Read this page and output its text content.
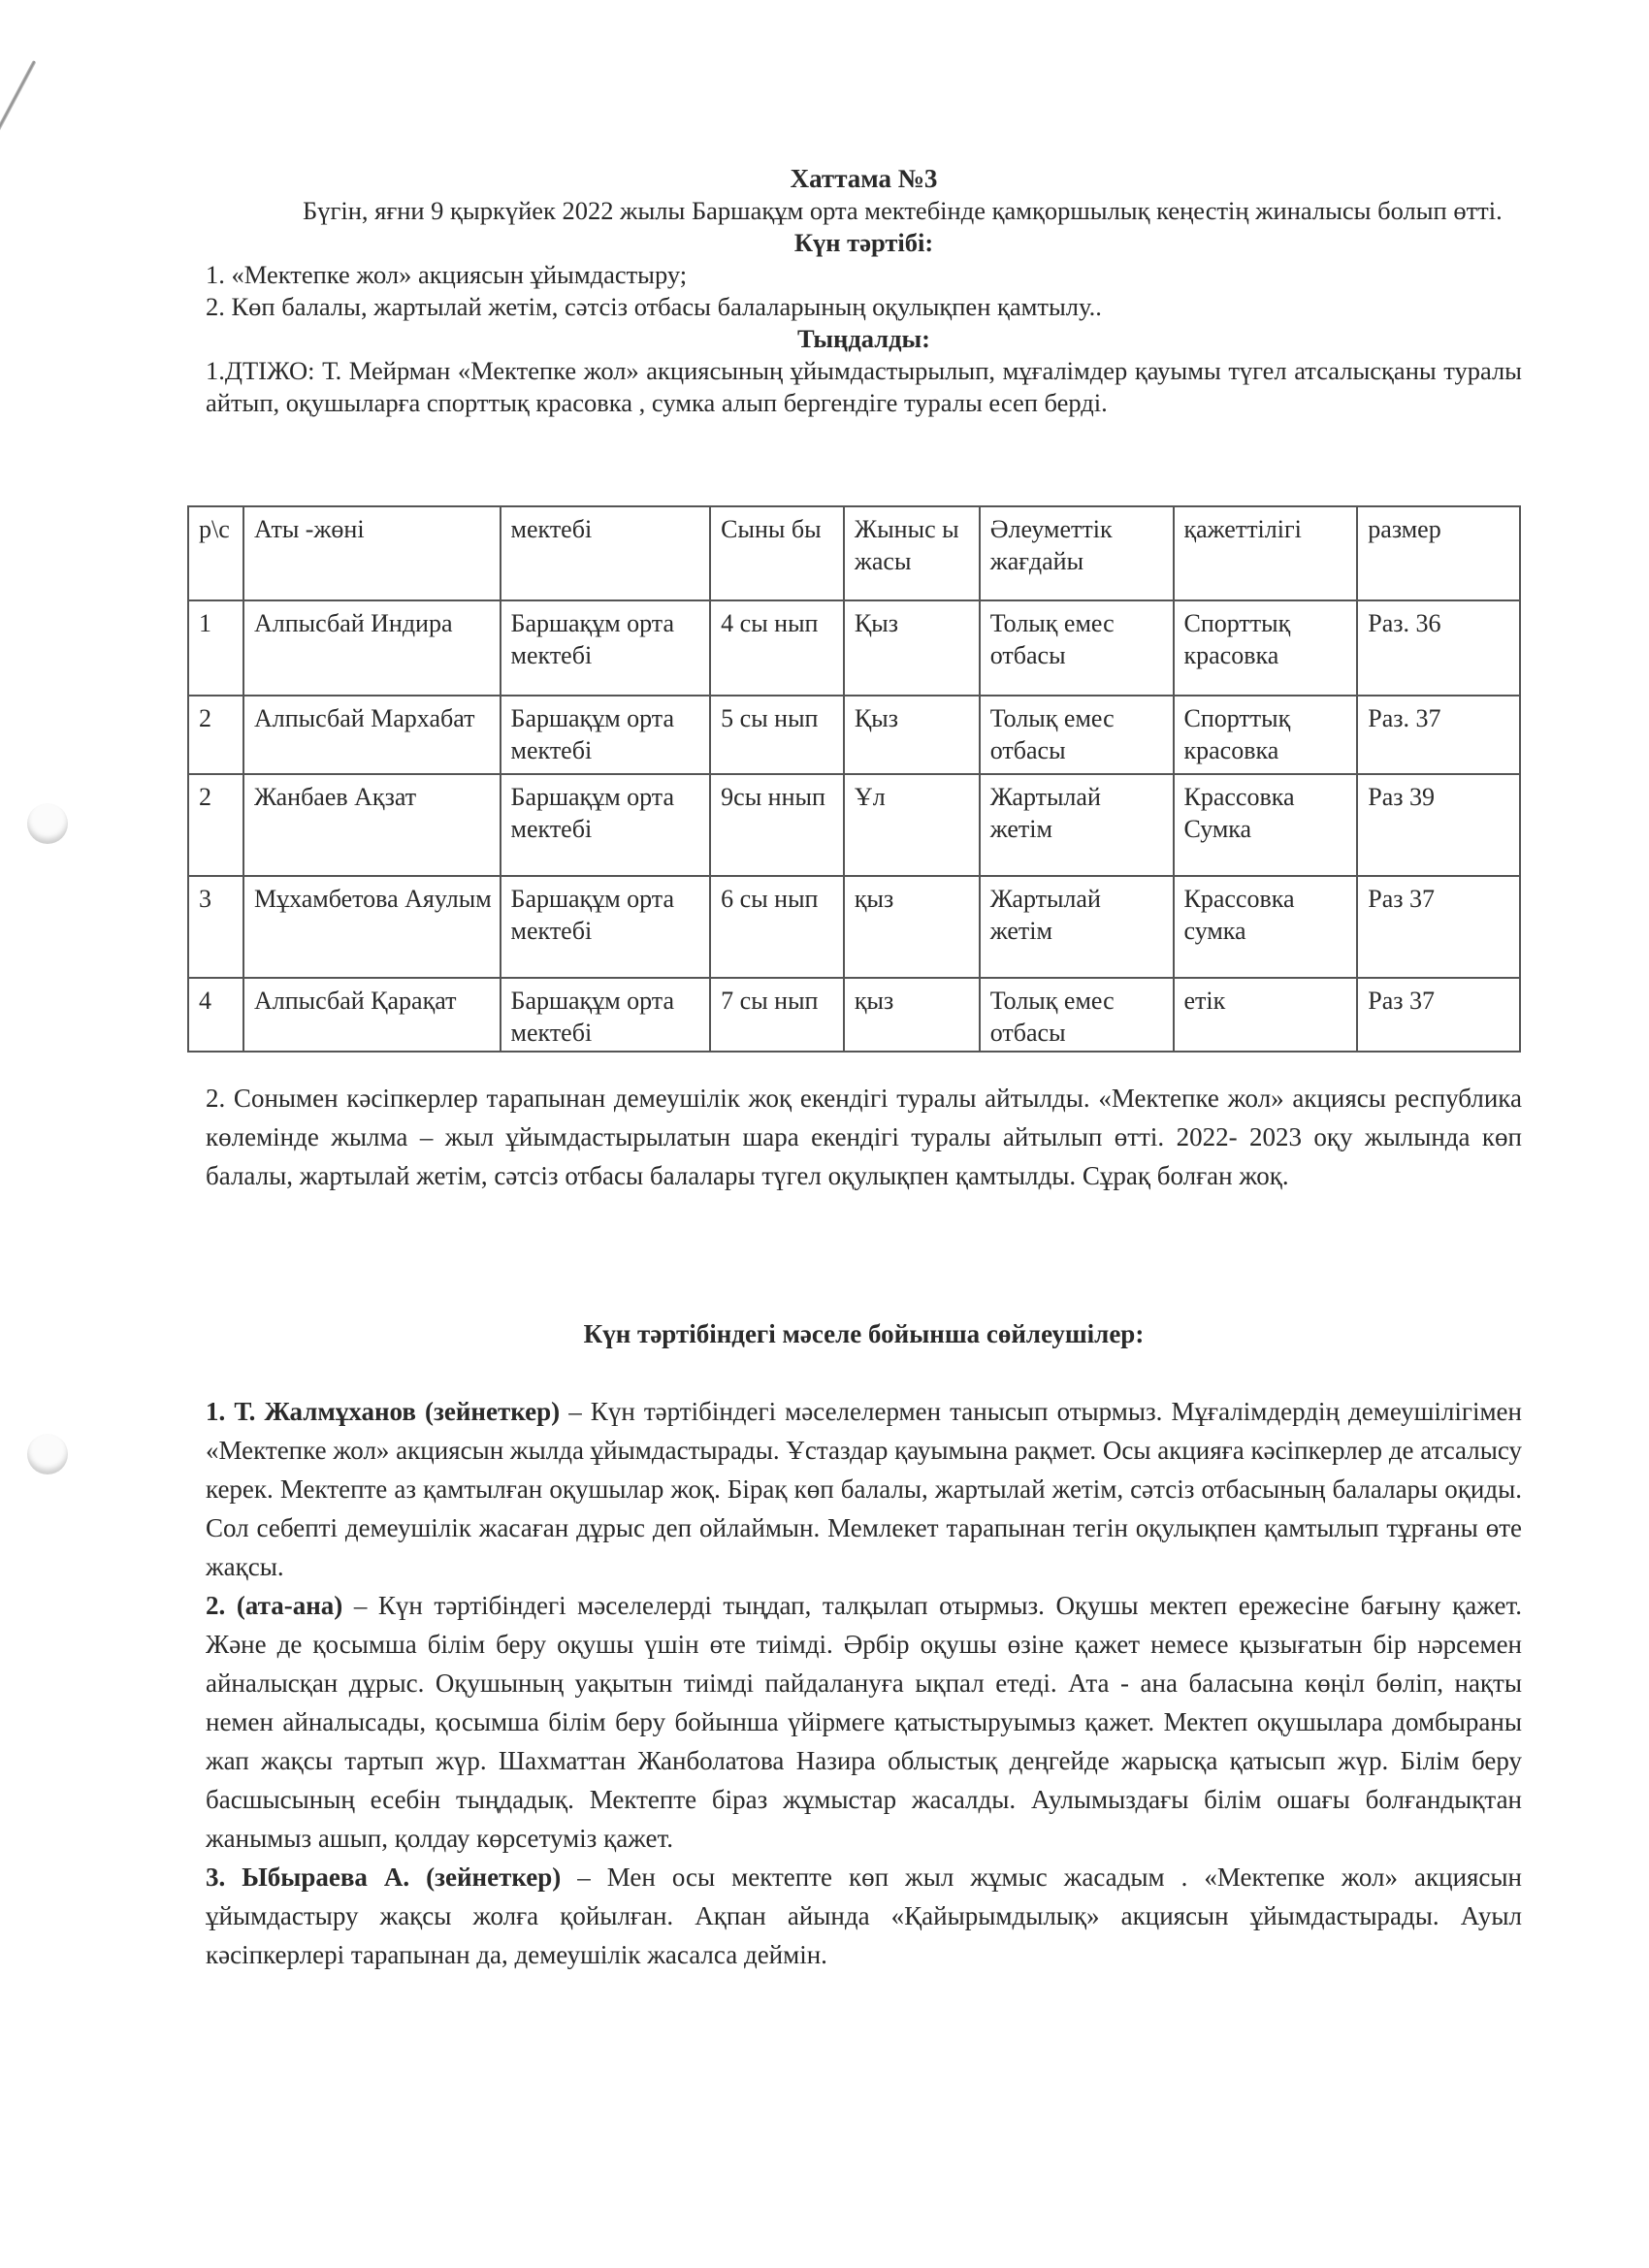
Хаттама №3

Бүгін, яғни 9 қыркүйек 2022 жылы Баршақұм орта мектебінде қамқоршылық кеңестің жиналысы болып өтті.

Күн тәртібі:

1. «Мектепке жол» акциясын ұйымдастыру;

2. Көп балалы, жартылай жетім, сәтсіз отбасы балаларының оқулықпен қамтылу..

Тыңдалды:

1.ДТІЖО: Т. Мейрман «Мектепке жол» акциясының ұйымдастырылып, мұғалімдер қауымы түгел атсалысқаны туралы айтып, оқушыларға спорттық красовка , сумка алып бергендіге туралы есеп берді.

р\с	Аты -жөні	мектебі	Сыны бы	Жыныс ы жасы	Әлеуметтік жағдайы	қажеттілігі	размер
1	Алпысбай Индира	Баршақұм орта мектебі	4 сы нып	Қыз	Толық емес отбасы	Спорттық красовка	Раз. 36
2	Алпысбай Мархабат	Баршақұм орта мектебі	5 сы нып	Қыз	Толық емес отбасы	Спорттық красовка	Раз. 37
2	Жанбаев Ақзат	Баршақұм орта мектебі	9сы ннып	Ұл	Жартылай жетім	Крассовка Сумка	Раз 39
3	Мұхамбетова Аяулым	Баршақұм орта мектебі	6 сы нып	қыз	Жартылай жетім	Крассовка сумка	Раз 37
4	Алпысбай Қарақат	Баршақұм орта мектебі	7 сы нып	қыз	Толық емес отбасы	етік	Раз 37

2. Сонымен кәсіпкерлер тарапынан демеушілік жоқ екендігі туралы айтылды. «Мектепке жол» акциясы республика көлемінде жылма – жыл ұйымдастырылатын шара екендігі туралы айтылып өтті. 2022- 2023 оқу жылында көп балалы, жартылай жетім, сәтсіз отбасы балалары түгел оқулықпен қамтылды. Сұрақ болған жоқ.

Күн тәртібіндегі мәселе бойынша сөйлеушілер:

1. Т. Жалмұханов (зейнеткер) – Күн тәртібіндегі мәселелермен танысып отырмыз. Мұғалімдердің демеушілігімен «Мектепке жол» акциясын жылда ұйымдастырады. Ұстаздар қауымына рақмет. Осы акцияға кәсіпкерлер де атсалысу керек. Мектепте аз қамтылған оқушылар жоқ. Бірақ көп балалы, жартылай жетім, сәтсіз отбасының балалары оқиды. Сол себепті демеушілік жасаған дұрыс деп ойлаймын. Мемлекет тарапынан тегін оқулықпен қамтылып тұрғаны өте жақсы.

2. (ата-ана) – Күн тәртібіндегі мәселелерді тыңдап, талқылап отырмыз. Оқушы мектеп ережесіне бағыну қажет. Және де қосымша білім беру оқушы үшін өте тиімді. Әрбір оқушы өзіне қажет немесе қызығатын бір нәрсемен айналысқан дұрыс. Оқушының уақытын тиімді пайдалануға ықпал етеді. Ата - ана баласына көңіл бөліп, нақты немен айналысады, қосымша білім беру бойынша үйірмеге қатыстыруымыз қажет. Мектеп оқушылара домбыраны жап жақсы тартып жүр. Шахматтан Жанболатова Назира облыстық деңгейде жарысқа қатысып жүр. Білім беру басшысының есебін тыңдадық. Мектепте біраз жұмыстар жасалды. Аулымыздағы білім ошағы болғандықтан жанымыз ашып, қолдау көрсетуміз қажет.

3. Ыбыраева А. (зейнеткер) – Мен осы мектепте көп жыл жұмыс жасадым . «Мектепке жол» акциясын ұйымдастыру жақсы жолға қойылған. Ақпан айында «Қайырымдылық» акциясын ұйымдастырады. Ауыл кәсіпкерлері тарапынан да, демеушілік жасалса деймін.
